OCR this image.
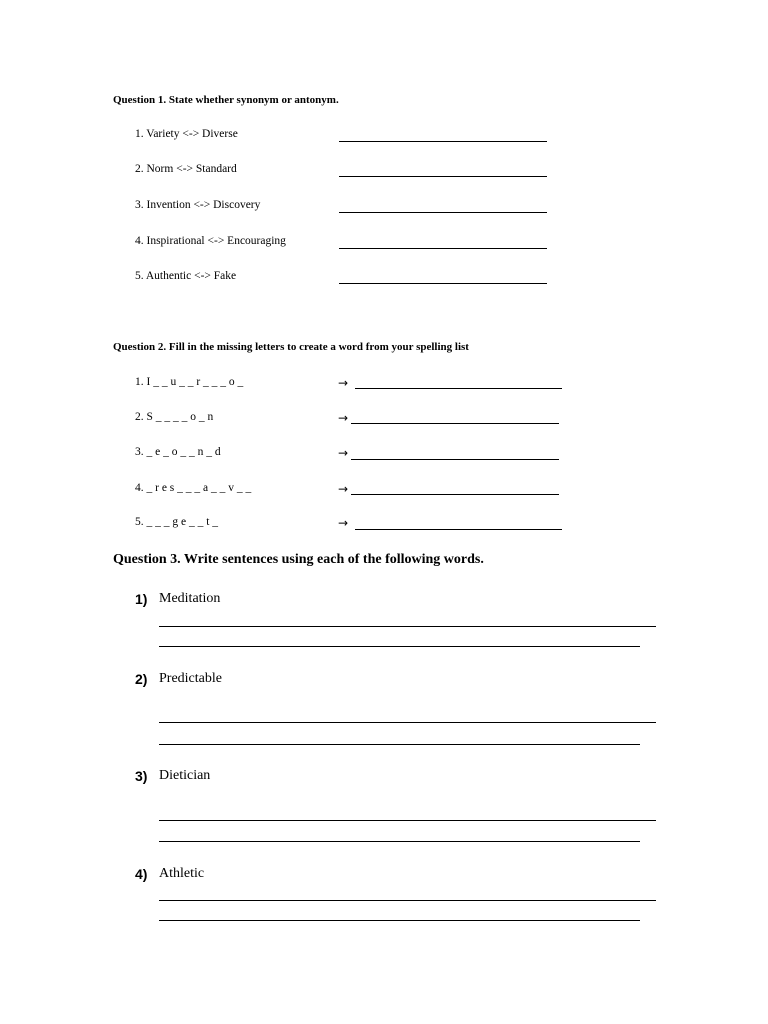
Question 1. State whether synonym or antonym.
1. Variety <-> Diverse
2. Norm <-> Standard
3. Invention <-> Discovery
4. Inspirational <-> Encouraging
5. Authentic <-> Fake
Question 2. Fill in the missing letters to create a word from your spelling list
1. I _ _ u _ _ r _ _ _ o _	→
2. S _ _ _ _ o _ n	→
3. _ e _ o _ _ n _ d	→
4. _ r e s _ _ _ a _ _ v _ _	→
5. _ _ _ g e _ _ t _	→
Question 3. Write sentences using each of the following words.
1) Meditation
2) Predictable
3) Dietician
4) Athletic
